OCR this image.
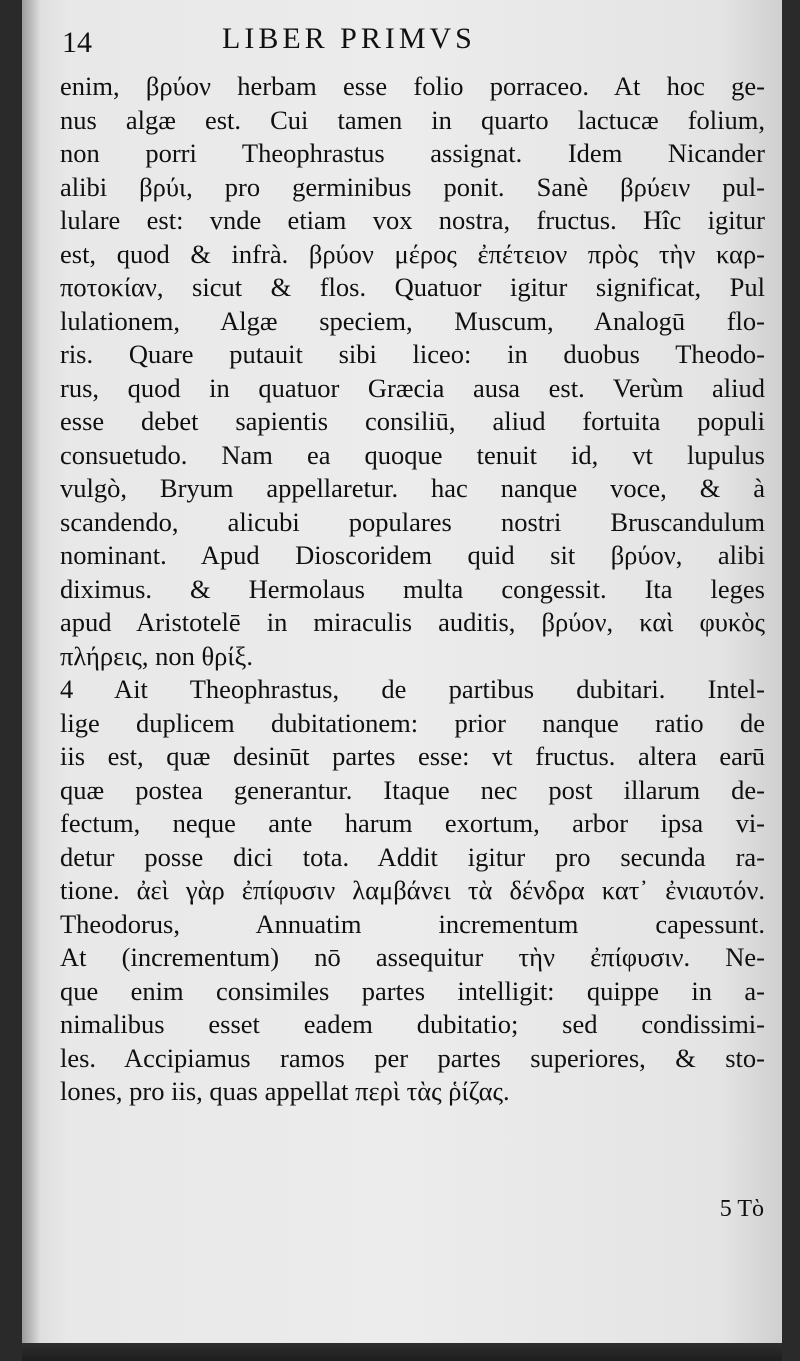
14	LIBER PRIMVS
enim, βρύον herbam esse folio porraceo. At hoc ge-
nus algæ est. Cui tamen in quarto lactucæ folium,
non porri Theophrastus assignat. Idem Nicander
alibi βρύι, pro germinibus ponit. Sanè βρύειν pul-
lulare est: vnde etiam vox nostra, fructus. Hîc igitur
est, quod & infrà. βρύον μέρος ἐπέτειον πρὸς τὴν καρ-
ποτοκίαν, sicut & flos. Quatuor igitur significat, Pul
lulationem, Algæ speciem, Muscum, Analogū flo-
ris. Quare putauit sibi liceo: in duobus Theodo-
rus, quod in quatuor Græcia ausa est. Verùm aliud
esse debet sapientis consiliū, aliud fortuita populi
consuetudo. Nam ea quoque tenuit id, vt lupulus
vulgò, Bryum appellaretur. hac nanque voce, & à
scandendo, alicubi populares nostri Bruscandulum
nominant. Apud Dioscoridem quid sit βρύον, alibi
diximus. & Hermolaus multa congessit. Ita leges
apud Aristotelē in miraculis auditis, βρύον, καὶ φυκὸς
πλήρεις, non θρίξ.
4 Ait Theophrastus, de partibus dubitari. Intel-
lige duplicem dubitationem: prior nanque ratio de
iis est, quæ desinūt partes esse: vt fructus. altera earū
quæ postea generantur. Itaque nec post illarum de-
fectum, neque ante harum exortum, arbor ipsa vi-
detur posse dici tota. Addit igitur pro secunda ra-
tione. ἀεὶ γὰρ ἐπίφυσιν λαμβάνει τὰ δένδρα κατ᾽ ἐνιαυτόν.
Theodorus, Annuatim incrementum capessunt.
At (incrementum) nō assequitur τὴν ἐπίφυσιν. Ne-
que enim consimiles partes intelligit: quippe in a-
nimalibus esset eadem dubitatio; sed condissimi-
les. Accipiamus ramos per partes superiores, & sto-
lones, pro iis, quas appellat περὶ τὰς ῥίζας.
5 Τὸ
